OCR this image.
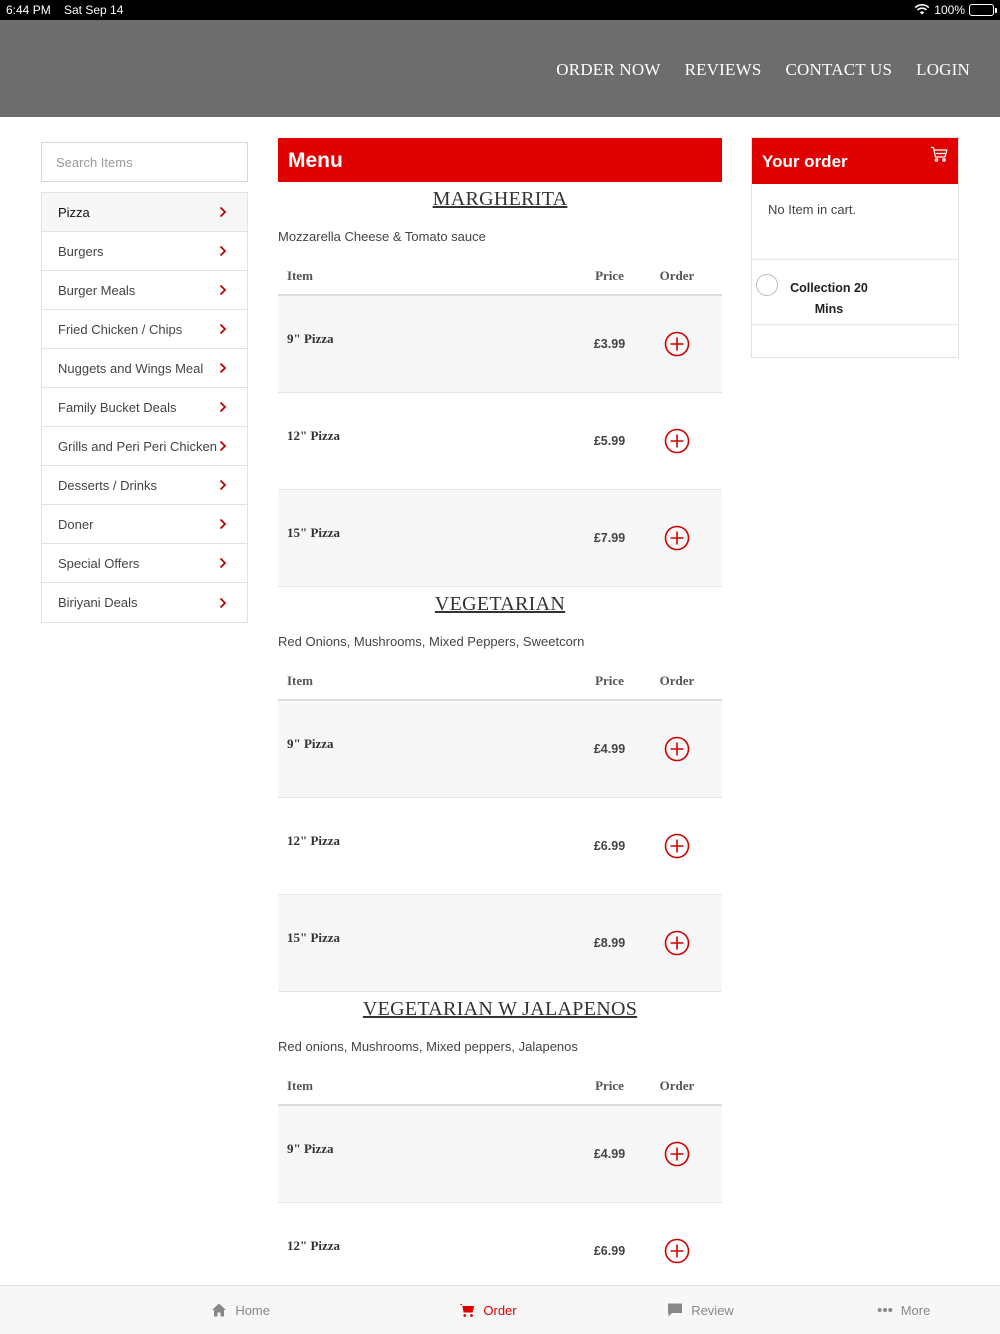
6:44 PM Sat Sep 14	100%
ORDER NOW REVIEWS CONTACT US LOGIN
Search Items
Pizza
Burgers
Burger Meals
Fried Chicken / Chips
Nuggets and Wings Meal
Family Bucket Deals
Grills and Peri Peri Chicken
Desserts / Drinks
Doner
Special Offers
Biriyani Deals
Menu
MARGHERITA
Mozzarella Cheese & Tomato sauce
Item	Price	Order
9" Pizza	£3.99
12" Pizza	£5.99
15" Pizza	£7.99
VEGETARIAN
Red Onions, Mushrooms, Mixed Peppers, Sweetcorn
Item	Price	Order
9" Pizza	£4.99
12" Pizza	£6.99
15" Pizza	£8.99
VEGETARIAN W JALAPENOS
Red onions, Mushrooms, Mixed peppers, Jalapenos
Item	Price	Order
9" Pizza	£4.99
12" Pizza	£6.99
Your order
No Item in cart.
Collection 20 Mins
Home	Order	Review	More
